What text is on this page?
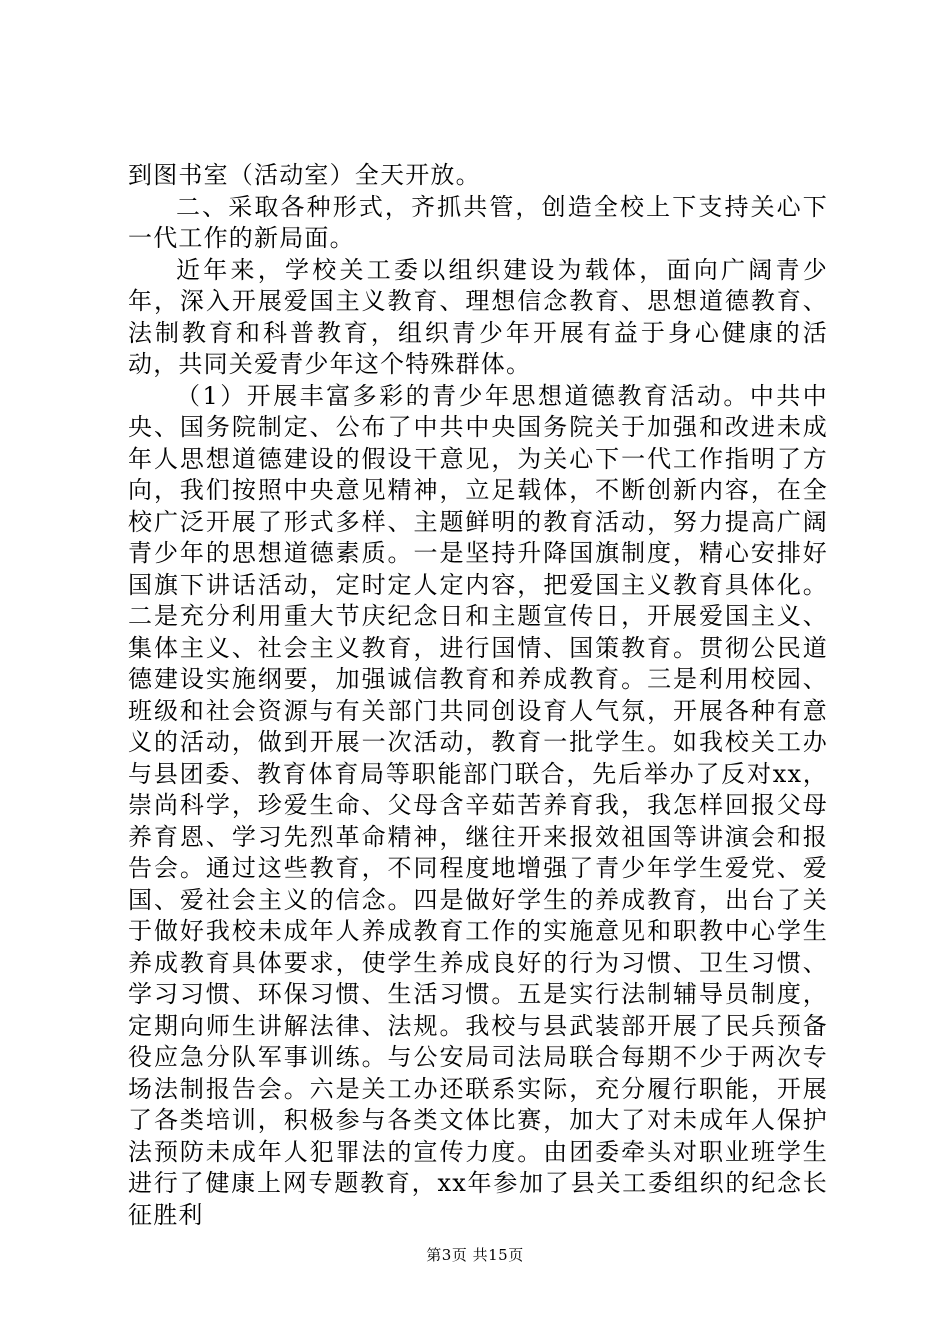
到图书室（活动室）全天开放。

二、采取各种形式，齐抓共管，创造全校上下支持关心下一代工作的新局面。

近年来，学校关工委以组织建设为载体，面向广阔青少年，深入开展爱国主义教育、理想信念教育、思想道德教育、法制教育和科普教育，组织青少年开展有益于身心健康的活动，共同关爱青少年这个特殊群体。

（1）开展丰富多彩的青少年思想道德教育活动。中共中央、国务院制定、公布了中共中央国务院关于加强和改进未成年人思想道德建设的假设干意见，为关心下一代工作指明了方向，我们按照中央意见精神，立足载体，不断创新内容，在全校广泛开展了形式多样、主题鲜明的教育活动，努力提高广阔青少年的思想道德素质。一是坚持升降国旗制度，精心安排好国旗下讲话活动，定时定人定内容，把爱国主义教育具体化。二是充分利用重大节庆纪念日和主题宣传日，开展爱国主义、集体主义、社会主义教育，进行国情、国策教育。贯彻公民道德建设实施纲要，加强诚信教育和养成教育。三是利用校园、班级和社会资源与有关部门共同创设育人气氛，开展各种有意义的活动，做到开展一次活动，教育一批学生。如我校关工办与县团委、教育体育局等职能部门联合，先后举办了反对xx，崇尚科学，珍爱生命、父母含辛茹苦养育我，我怎样回报父母养育恩、学习先烈革命精神，继往开来报效祖国等讲演会和报告会。通过这些教育，不同程度地增强了青少年学生爱党、爱国、爱社会主义的信念。四是做好学生的养成教育，出台了关于做好我校未成年人养成教育工作的实施意见和职教中心学生养成教育具体要求，使学生养成良好的行为习惯、卫生习惯、学习习惯、环保习惯、生活习惯。五是实行法制辅导员制度，定期向师生讲解法律、法规。我校与县武装部开展了民兵预备役应急分队军事训练。与公安局司法局联合每期不少于两次专场法制报告会。六是关工办还联系实际，充分履行职能，开展了各类培训，积极参与各类文体比赛，加大了对未成年人保护法预防未成年人犯罪法的宣传力度。由团委牵头对职业班学生进行了健康上网专题教育，xx年参加了县关工委组织的纪念长征胜利

第3页 共15页
